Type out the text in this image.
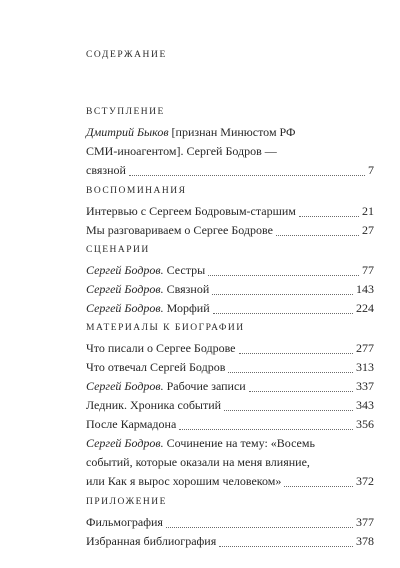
СОДЕРЖАНИЕ
ВСТУПЛЕНИЕ
Дмитрий Быков [признан Минюстом РФ
СМИ-иноагентом]. Сергей Бодров —
связной	7
ВОСПОМИНАНИЯ
Интервью с Сергеем Бодровым-старшим	21
Мы разговариваем о Сергее Бодрове	27
СЦЕНАРИИ
Сергей Бодров. Сестры	77
Сергей Бодров. Связной	143
Сергей Бодров. Морфий	224
МАТЕРИАЛЫ К БИОГРАФИИ
Что писали о Сергее Бодрове	277
Что отвечал Сергей Бодров	313
Сергей Бодров. Рабочие записи	337
Ледник. Хроника событий	343
После Кармадона	356
Сергей Бодров. Сочинение на тему: «Восемь
событий, которые оказали на меня влияние,
или Как я вырос хорошим человеком»	372
ПРИЛОЖЕНИЕ
Фильмография	377
Избранная библиография	378
